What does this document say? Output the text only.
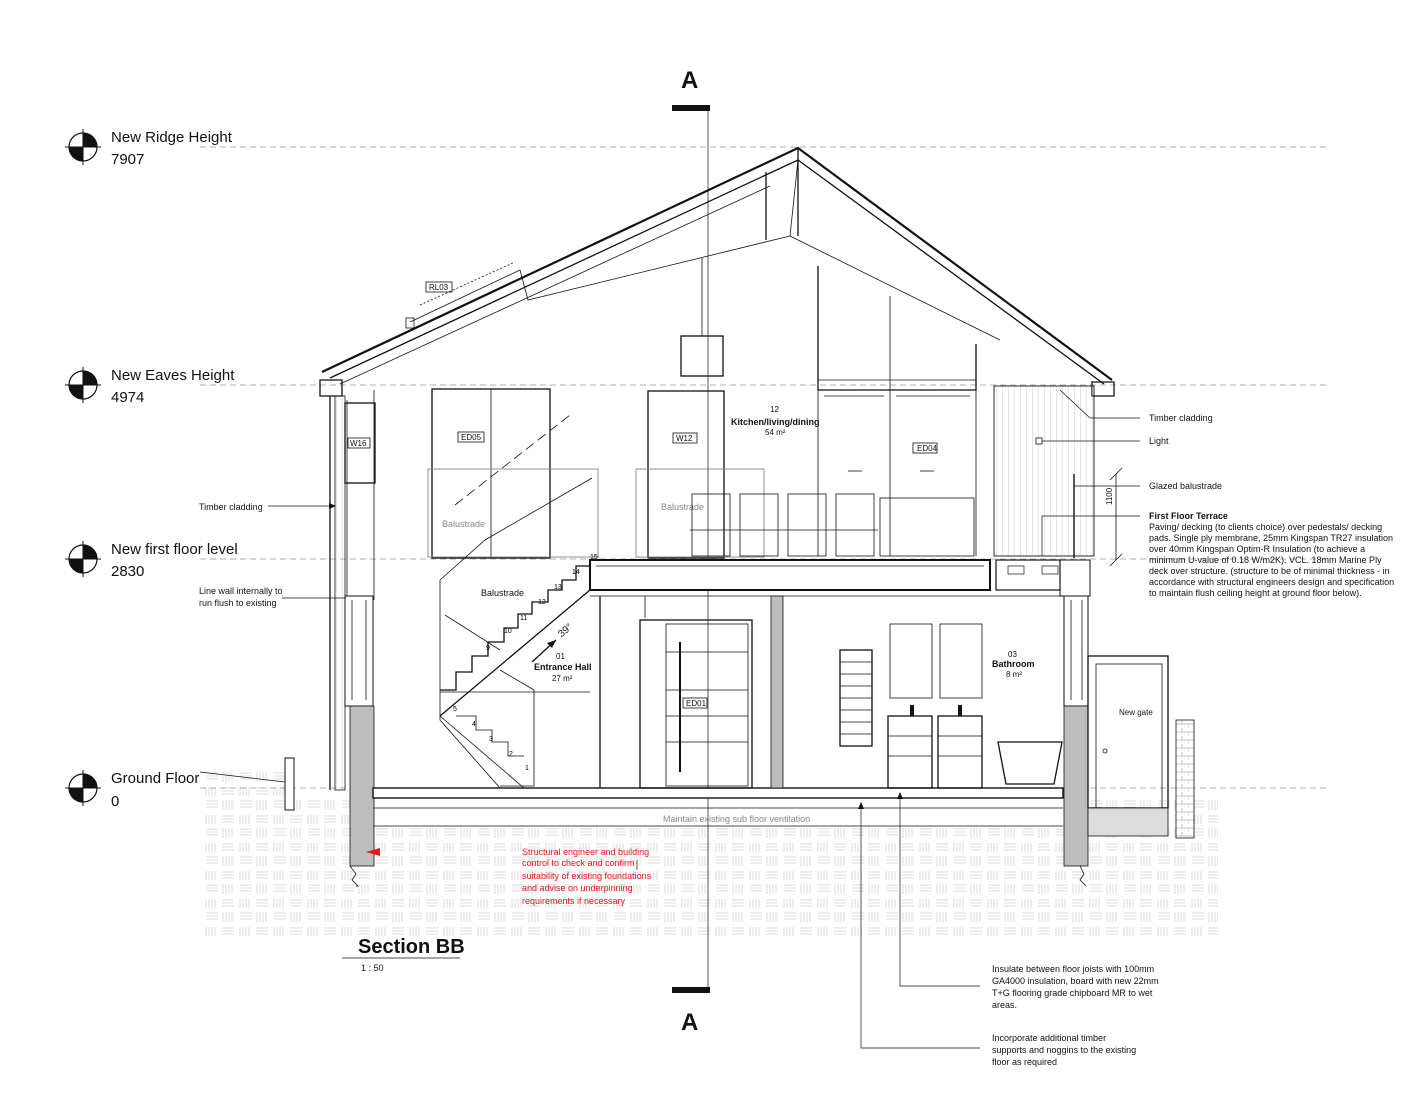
New Ridge Height
7907
New Eaves Height
4974
New first floor level
2830
Ground Floor
0
A
A
RL03
W16
New gate
Maintain existing sub floor ventilation
ED04
ED05	W12
Balustrade
Balustrade
12
Kitchen/living/dining
54 m²
39°
Balustrade
1
2
3
4
5
9
10
11
12
13
14
15
01
Entrance Hall
27 m²
ED01
03
Bathroom
8 m²
1100
Timber cladding
Light
Glazed balustrade
First Floor Terrace
Paving/ decking (to clients choice) over pedestals/ decking
pads. Single ply membrane, 25mm Kingspan TR27 insulation
over 40mm Kingspan Optim-R Insulation (to achieve a
minimum U-value of 0.18 W/m2K). VCL. 18mm Marine Ply
deck over structure. (structure to be of minimal thickness - in
accordance with structural engineers design and specification
to maintain flush ceiling height at ground floor below).
Timber cladding
Line wall internally to
run flush to existing
Structural engineer and building
control to check and confirm
suitability of existing foundations
and advise on underpinning
requirements if necessary
Insulate between floor joists with 100mm
GA4000 insulation, board with new 22mm
T+G flooring grade chipboard MR to wet
areas.
Incorporate additional timber
supports and noggins to the existing
floor as required
Section BB
1 : 50
